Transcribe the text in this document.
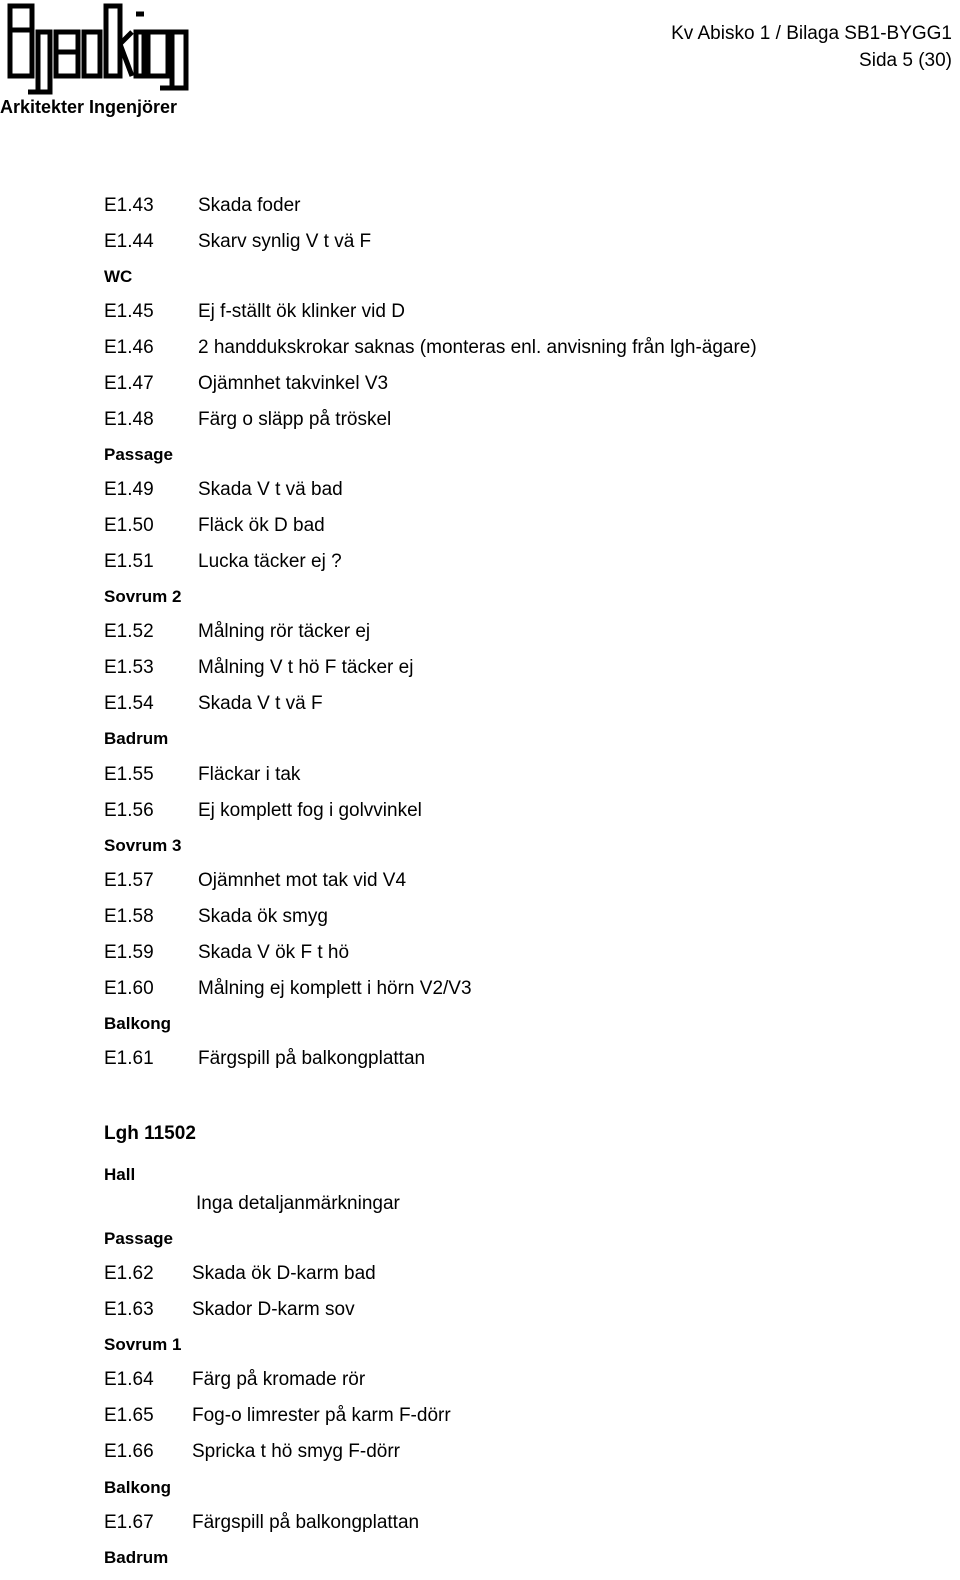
Arkitekter Ingenjörer
Kv Abisko 1 / Bilaga SB1-BYGG1
Sida 5 (30)
E1.43 Skada foder
E1.44 Skarv synlig V t vä F
WC
E1.45 Ej f-ställt ök klinker vid D
E1.46 2 handdukskrokar saknas (monteras enl. anvisning från lgh-ägare)
E1.47 Ojämnhet takvinkel V3
E1.48 Färg o släpp på tröskel
Passage
E1.49 Skada V t vä bad
E1.50 Fläck ök D bad
E1.51 Lucka täcker ej ?
Sovrum 2
E1.52 Målning rör täcker ej
E1.53 Målning V t hö F täcker ej
E1.54 Skada V t vä F
Badrum
E1.55 Fläckar i tak
E1.56 Ej komplett fog i golvvinkel
Sovrum 3
E1.57 Ojämnhet mot tak vid V4
E1.58 Skada ök smyg
E1.59 Skada V ök F t hö
E1.60 Målning ej komplett i hörn V2/V3
Balkong
E1.61 Färgspill på balkongplattan
Lgh 11502
Hall
Inga detaljanmärkningar
Passage
E1.62 Skada ök D-karm bad
E1.63 Skador D-karm sov
Sovrum 1
E1.64 Färg på kromade rör
E1.65 Fog-o limrester på karm F-dörr
E1.66 Spricka t hö smyg F-dörr
Balkong
E1.67 Färgspill på balkongplattan
Badrum
